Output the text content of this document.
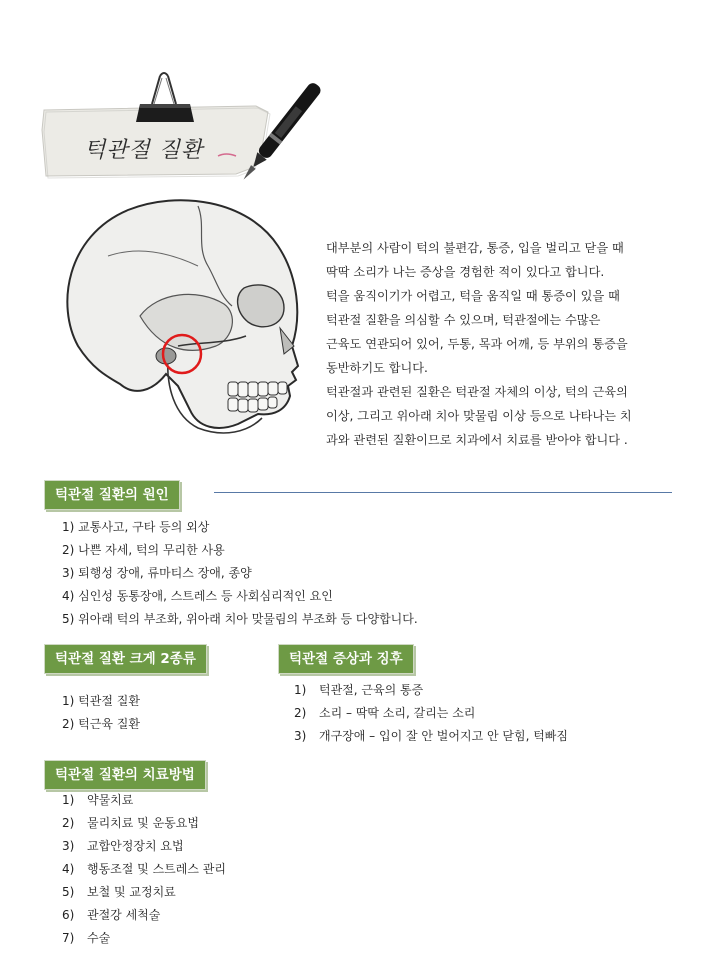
턱관절 질환

대부분의 사람이 턱의 불편감, 통증, 입을 벌리고 닫을 때

딱딱 소리가 나는 증상을 경험한 적이 있다고 합니다.

턱을 움직이기가 어렵고, 턱을 움직일 때 통증이 있을 때

턱관절 질환을 의심할 수 있으며, 턱관절에는 수많은

근육도 연관되어 있어, 두통, 목과 어깨, 등 부위의 통증을

동반하기도 합니다.

턱관절과 관련된 질환은 턱관절 자체의 이상, 턱의 근육의

이상, 그리고 위아래 치아 맞물림 이상 등으로 나타나는 치

과와 관련된 질환이므로 치과에서 치료를 받아야 합니다 .

턱관절 질환의 원인
1) 교통사고, 구타 등의 외상
2) 나쁜 자세, 턱의 무리한 사용
3) 퇴행성 장애, 류마티스 장애, 종양
4) 심인성 동통장애, 스트레스 등 사회심리적인 요인
5) 위아래 턱의 부조화, 위아래 치아 맞물림의 부조화 등 다양합니다.
턱관절 질환 크게 2종류
1) 턱관절 질환
2) 턱근육 질환
턱관절 증상과 징후
1) 턱관절, 근육의 통증
2) 소리 – 딱딱 소리, 갈리는 소리
3) 개구장애 – 입이 잘 안 벌어지고 안 닫힘, 턱빠짐
턱관절 질환의 치료방법
1) 약물치료
2) 물리치료 및 운동요법
3) 교합안정장치 요법
4) 행동조절 및 스트레스 관리
5) 보철 및 교정치료
6) 관절강 세척술
7) 수술
